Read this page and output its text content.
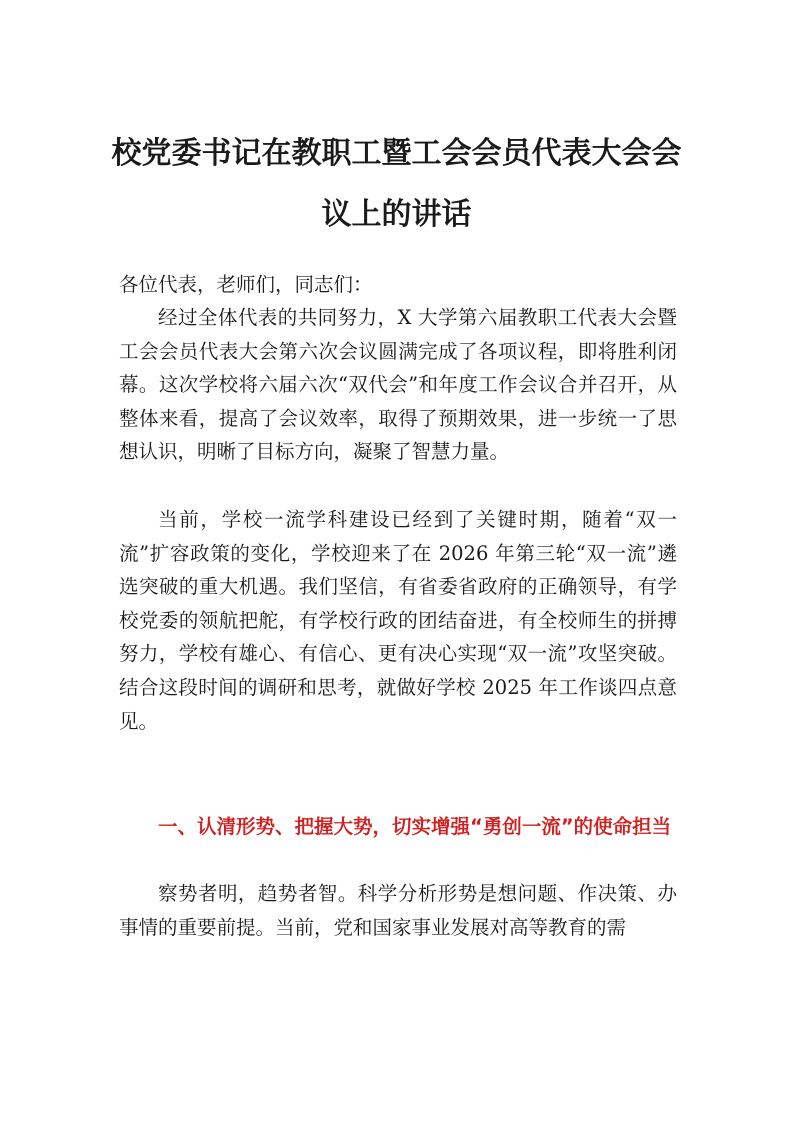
校党委书记在教职工暨工会会员代表大会会
议上的讲话

各位代表，老师们，同志们：

经过全体代表的共同努力，X 大学第六届教职工代表大会暨工会会员代表大会第六次会议圆满完成了各项议程，即将胜利闭幕。这次学校将六届六次“双代会”和年度工作会议合并召开，从整体来看，提高了会议效率，取得了预期效果，进一步统一了思想认识，明晰了目标方向，凝聚了智慧力量。

当前，学校一流学科建设已经到了关键时期，随着“双一流”扩容政策的变化，学校迎来了在 2026 年第三轮“双一流”遴选突破的重大机遇。我们坚信，有省委省政府的正确领导，有学校党委的领航把舵，有学校行政的团结奋进，有全校师生的拼搏努力，学校有雄心、有信心、更有决心实现“双一流”攻坚突破。结合这段时间的调研和思考，就做好学校 2025 年工作谈四点意见。

一、认清形势、把握大势，切实增强“勇创一流”的使命担当

察势者明，趋势者智。科学分析形势是想问题、作决策、办事情的重要前提。当前，党和国家事业发展对高等教育的需
